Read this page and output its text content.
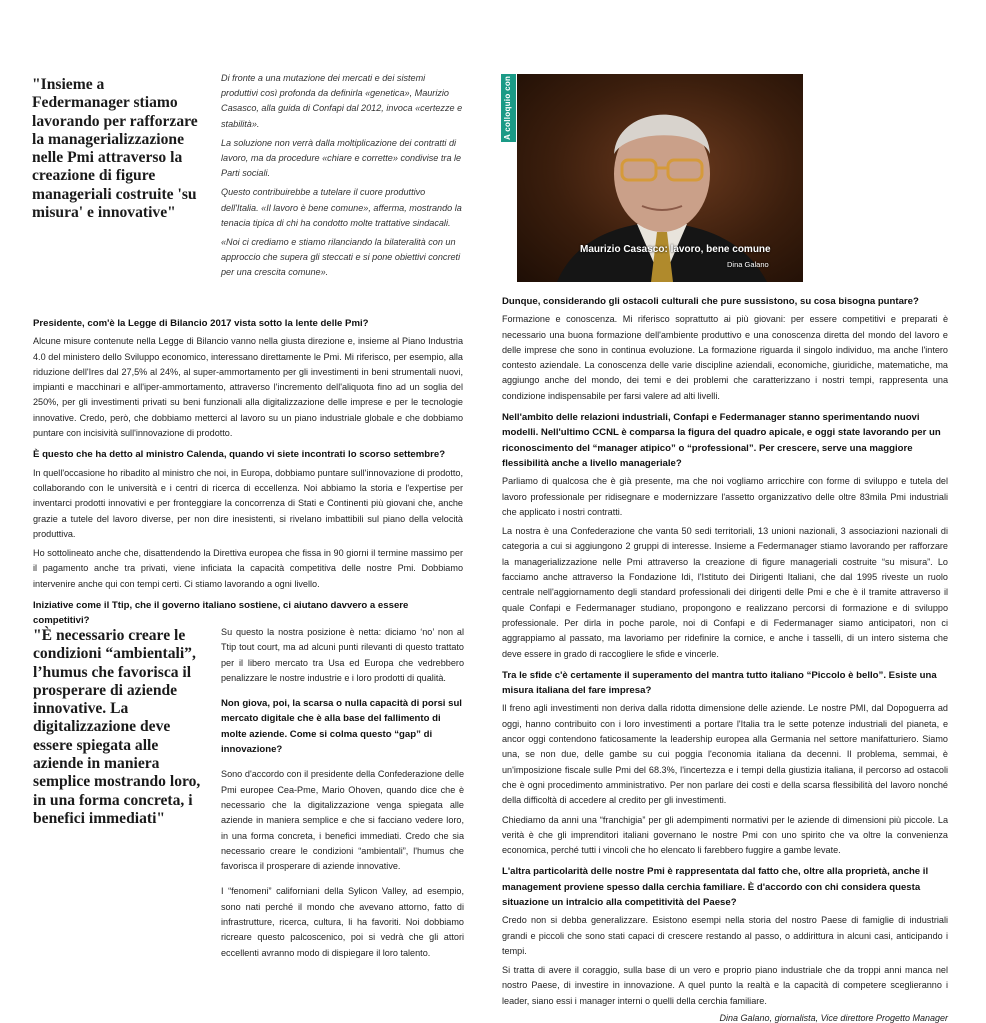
"Insieme a Federmanager stiamo lavorando per rafforzare la managerializzazione nelle Pmi attraverso la creazione di figure manageriali costruite 'su misura' e innovative"

Di fronte a una mutazione dei mercati e dei sistemi produttivi così profonda da definirla «genetica», Maurizio Casasco, alla guida di Confapi dal 2012, invoca «certezze e stabilità».

La soluzione non verrà dalla moltiplicazione dei contratti di lavoro, ma da procedure «chiare e corrette» condivise tra le Parti sociali.

Questo contribuirebbe a tutelare il cuore produttivo dell'Italia. «Il lavoro è bene comune», afferma, mostrando la tenacia tipica di chi ha condotto molte trattative sindacali.

«Noi ci crediamo e stiamo rilanciando la bilateralità con un approccio che supera gli steccati e si pone obiettivi concreti per una crescita comune».

A colloquio con
Maurizio Casasco: lavoro, bene comune
Dina Galano

Presidente, com'è la Legge di Bilancio 2017 vista sotto la lente delle Pmi?

Alcune misure contenute nella Legge di Bilancio vanno nella giusta direzione e, insieme al Piano Industria 4.0 del ministero dello Sviluppo economico, interessano direttamente le Pmi. Mi riferisco, per esempio, alla riduzione dell'Ires dal 27,5% al 24%, al super-ammortamento per gli investimenti in beni strumentali nuovi, impianti e macchinari e all'iper-ammortamento, attraverso l'incremento dell'aliquota fino ad un soglia del 250%, per gli investimenti privati su beni funzionali alla digitalizzazione delle imprese e per le tecnologie innovative. Credo, però, che dobbiamo metterci al lavoro su un piano industriale globale e che dobbiamo puntare con incisività sull'innovazione di prodotto.

È questo che ha detto al ministro Calenda, quando vi siete incontrati lo scorso settembre?

In quell'occasione ho ribadito al ministro che noi, in Europa, dobbiamo puntare sull'innovazione di prodotto, collaborando con le università e i centri di ricerca di eccellenza. Noi abbiamo la storia e l'expertise per inventarci prodotti innovativi e per fronteggiare la concorrenza di Stati e Continenti più giovani che, anche grazie a tutele del lavoro diverse, per non dire inesistenti, si rivelano imbattibili sul piano della velocità produttiva.

Ho sottolineato anche che, disattendendo la Direttiva europea che fissa in 90 giorni il termine massimo per il pagamento anche tra privati, viene inficiata la capacità competitiva delle nostre Pmi. Dobbiamo intervenire anche qui con tempi certi. Ci stiamo lavorando a ogni livello.

Iniziative come il Ttip, che il governo italiano sostiene, ci aiutano davvero a essere competitivi?

"È necessario creare le condizioni “ambientali”, l’humus che favorisca il prosperare di aziende innovative. La digitalizzazione deve essere spiegata alle aziende in maniera semplice mostrando loro, in una forma concreta, i benefici immediati"

Su questo la nostra posizione è netta: diciamo ‘no’ non al Ttip tout court, ma ad alcuni punti rilevanti di questo trattato per il libero mercato tra Usa ed Europa che vedrebbero penalizzare le nostre industrie e i loro prodotti di qualità.

Non giova, poi, la scarsa o nulla capacità di porsi sul mercato digitale che è alla base del fallimento di molte aziende. Come si colma questo “gap” di innovazione?

Sono d'accordo con il presidente della Confederazione delle Pmi europee Cea-Pme, Mario Ohoven, quando dice che è necessario che la digitalizzazione venga spiegata alle aziende in maniera semplice e che si facciano vedere loro, in una forma concreta, i benefici immediati. Credo che sia necessario creare le condizioni “ambientali”, l'humus che favorisca il prosperare di aziende innovative.

I “fenomeni” californiani della Sylicon Valley, ad esempio, sono nati perché il mondo che avevano attorno, fatto di infrastrutture, ricerca, cultura, li ha favoriti. Noi dobbiamo ricreare questo palcoscenico, poi si vedrà che gli attori eccellenti avranno modo di dispiegare il loro talento.

Dunque, considerando gli ostacoli culturali che pure sussistono, su cosa bisogna puntare?

Formazione e conoscenza. Mi riferisco soprattutto ai più giovani: per essere competitivi e preparati è necessario una buona formazione dell'ambiente produttivo e una conoscenza diretta del mondo del lavoro e delle imprese che sono in continua evoluzione. La formazione riguarda il singolo individuo, ma anche l'intero contesto aziendale. La conoscenza delle varie discipline aziendali, economiche, giuridiche, matematiche, ma aggiungo anche del mondo, dei temi e dei problemi che caratterizzano i nostri tempi, rappresenta una condizione indispensabile per farsi valere ad alti livelli.

Nell'ambito delle relazioni industriali, Confapi e Federmanager stanno sperimentando nuovi modelli. Nell'ultimo CCNL è comparsa la figura del quadro apicale, e oggi state lavorando per un riconoscimento del “manager atipico” o “professional”. Per crescere, serve una maggiore flessibilità anche a livello manageriale?

Parliamo di qualcosa che è già presente, ma che noi vogliamo arricchire con forme di sviluppo e tutela del lavoro professionale per ridisegnare e modernizzare l'assetto organizzativo delle oltre 83mila Pmi industriali che applicato i nostri contratti.

La nostra è una Confederazione che vanta 50 sedi territoriali, 13 unioni nazionali, 3 associazioni nazionali di categoria a cui si aggiungono 2 gruppi di interesse. Insieme a Federmanager stiamo lavorando per rafforzare la managerializzazione nelle Pmi attraverso la creazione di figure manageriali costruite “su misura”. Lo facciamo anche attraverso la Fondazione Idi, l'Istituto dei Dirigenti Italiani, che dal 1995 riveste un ruolo centrale nell'aggiornamento degli standard professionali dei dirigenti delle Pmi e che è il tramite attraverso il quale Confapi e Federmanager studiano, propongono e realizzano percorsi di formazione e di sviluppo professionale. Per dirla in poche parole, noi di Confapi e di Federmanager siamo anticipatori, non ci aggrappiamo al passato, ma lavoriamo per ridefinire la cornice, e anche i tasselli, di un intero sistema che deve essere in grado di raccogliere le sfide e vincerle.

Tra le sfide c'è certamente il superamento del mantra tutto italiano “Piccolo è bello”. Esiste una misura italiana del fare impresa?

Il freno agli investimenti non deriva dalla ridotta dimensione delle aziende. Le nostre PMI, dal Dopoguerra ad oggi, hanno contribuito con i loro investimenti a portare l'Italia tra le sette potenze industriali del pianeta, e ancor oggi contendono faticosamente la leadership europea alla Germania nel settore manifatturiero. Siamo una, se non due, delle gambe su cui poggia l'economia italiana da decenni. Il problema, semmai, è un'imposizione fiscale sulle Pmi del 68.3%, l'incertezza e i tempi della giustizia italiana, il percorso ad ostacoli che è ogni procedimento amministrativo. Per non parlare dei costi e della scarsa flessibilità del lavoro nonché della difficoltà di accedere al credito per gli investimenti.

Chiediamo da anni una “franchigia” per gli adempimenti normativi per le aziende di dimensioni più piccole. La verità è che gli imprenditori italiani governano le nostre Pmi con uno spirito che va oltre la convenienza economica, perché tutti i vincoli che ho elencato li farebbero fuggire a gambe levate.

L'altra particolarità delle nostre Pmi è rappresentata dal fatto che, oltre alla proprietà, anche il management proviene spesso dalla cerchia familiare. È d'accordo con chi considera questa situazione un intralcio alla competitività del Paese?

Credo non si debba generalizzare. Esistono esempi nella storia del nostro Paese di famiglie di industriali grandi e piccoli che sono stati capaci di crescere restando al passo, o addirittura in alcuni casi, anticipando i tempi.

Si tratta di avere il coraggio, sulla base di un vero e proprio piano industriale che da troppi anni manca nel nostro Paese, di investire in innovazione. A quel punto la realtà e la capacità di competere sceglieranno i leader, siano essi i manager interni o quelli della cerchia familiare.

Dina Galano, giornalista, Vice direttore Progetto Manager
